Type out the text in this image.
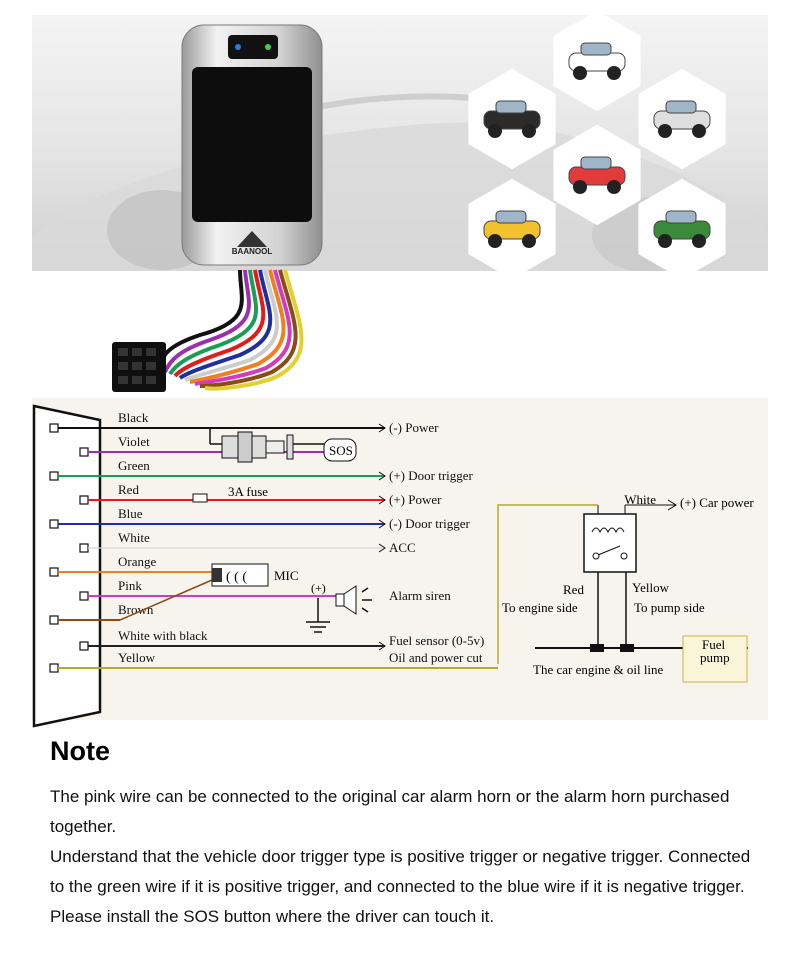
BAANOOL
Black
(-) Power
Violet
Green
(+) Door trigger
Red
(+) Power
Blue
(-) Door trigger
White
ACC
Orange
Pink
Alarm siren
Brown
White with black	Fuel sensor (0-5v)
Yellow	Oil and power cut
3A fuse
SOS
( ( ( MIC
(+)
White (+) Car power
Red
To engine side
Yellow
To pump side
The car engine & oil line
Fuel
pump
Note

The pink wire can be connected to the original car alarm horn or the alarm horn purchased

together.

Understand that the vehicle door trigger type is positive trigger or negative trigger. Connected

to the green wire if it is positive trigger, and connected to the blue wire if it is negative trigger.

Please install the SOS button where the driver can touch it.
